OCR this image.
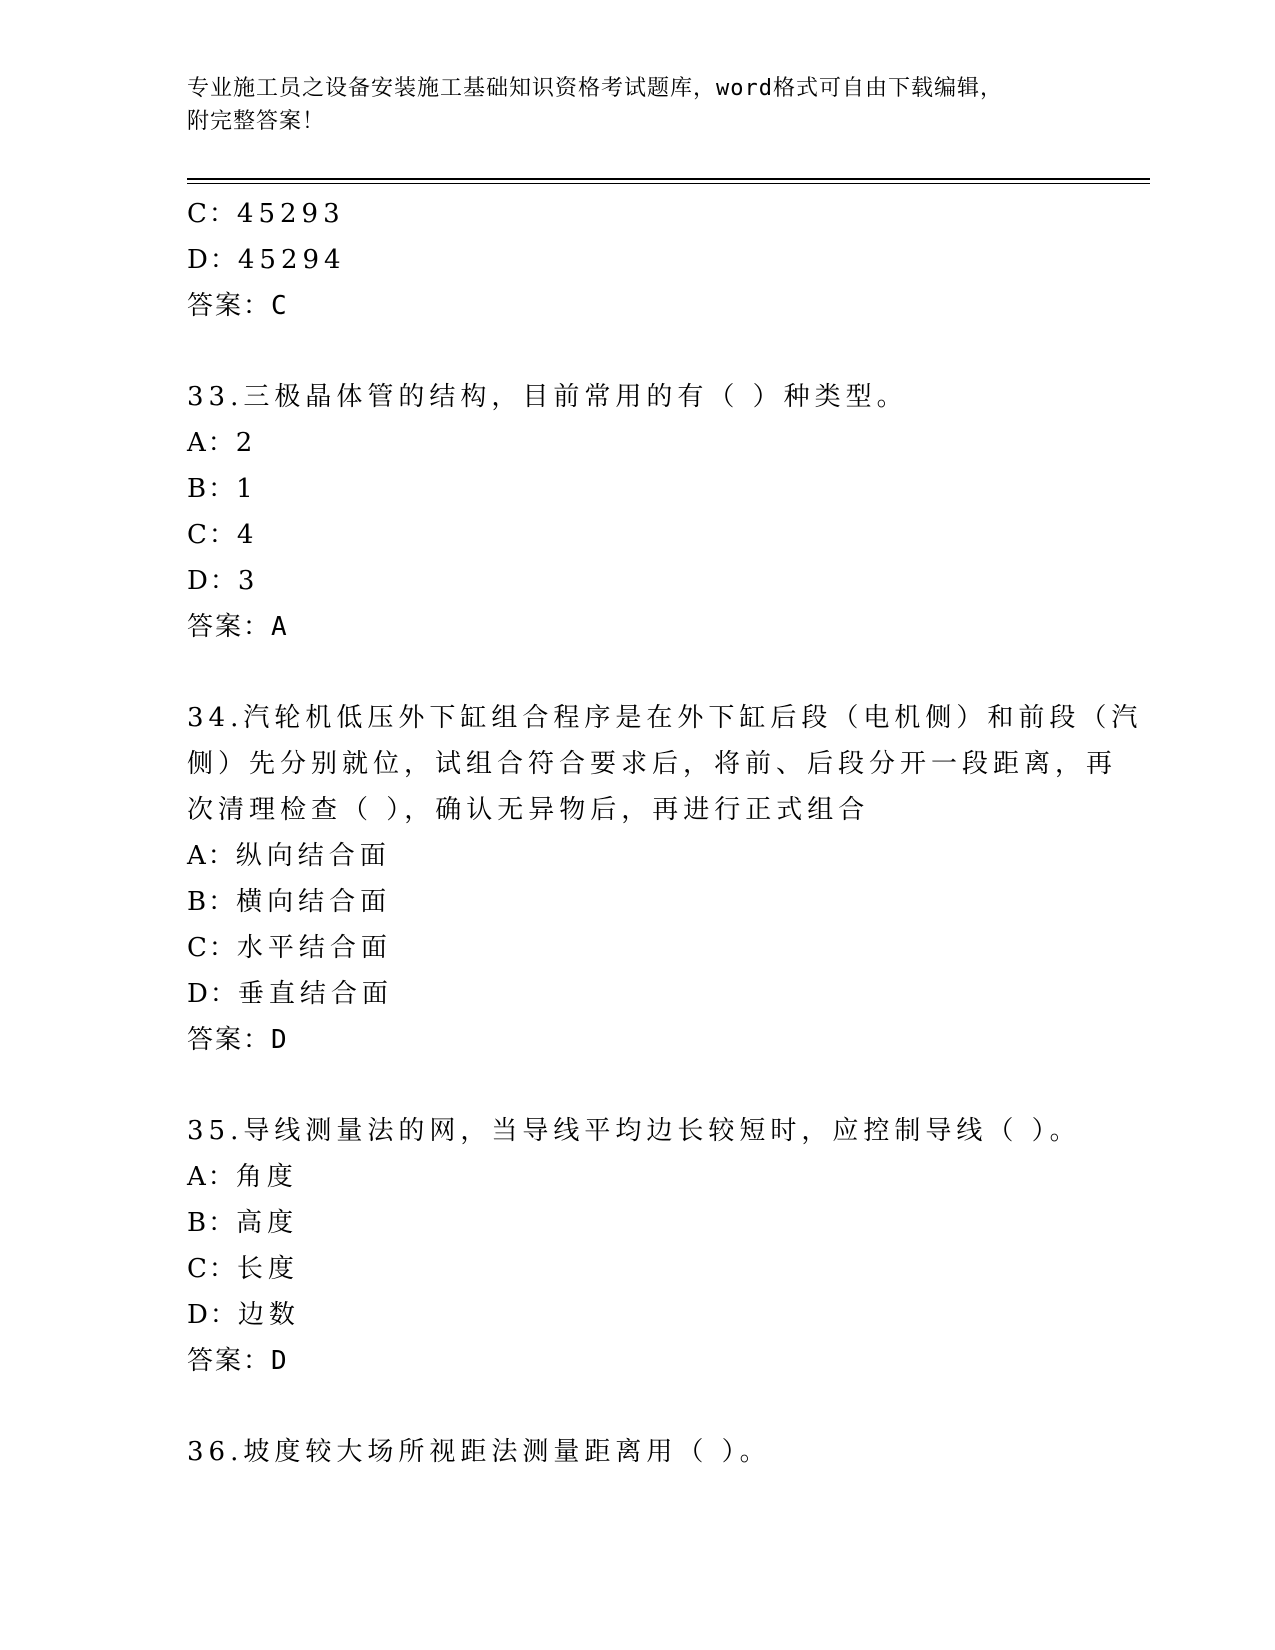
专业施工员之设备安装施工基础知识资格考试题库，word格式可自由下载编辑，
附完整答案！
C：45293
D：45294
答案：C
33.三极晶体管的结构，目前常用的有（ ）种类型。
A：2
B：1
C：4
D：3
答案：A
34.汽轮机低压外下缸组合程序是在外下缸后段（电机侧）和前段（汽
侧）先分别就位，试组合符合要求后，将前、后段分开一段距离，再
次清理检查（ ），确认无异物后，再进行正式组合
A：纵向结合面
B：横向结合面
C：水平结合面
D：垂直结合面
答案：D
35.导线测量法的网，当导线平均边长较短时，应控制导线（ ）。
A：角度
B：高度
C：长度
D：边数
答案：D
36.坡度较大场所视距法测量距离用（ ）。
